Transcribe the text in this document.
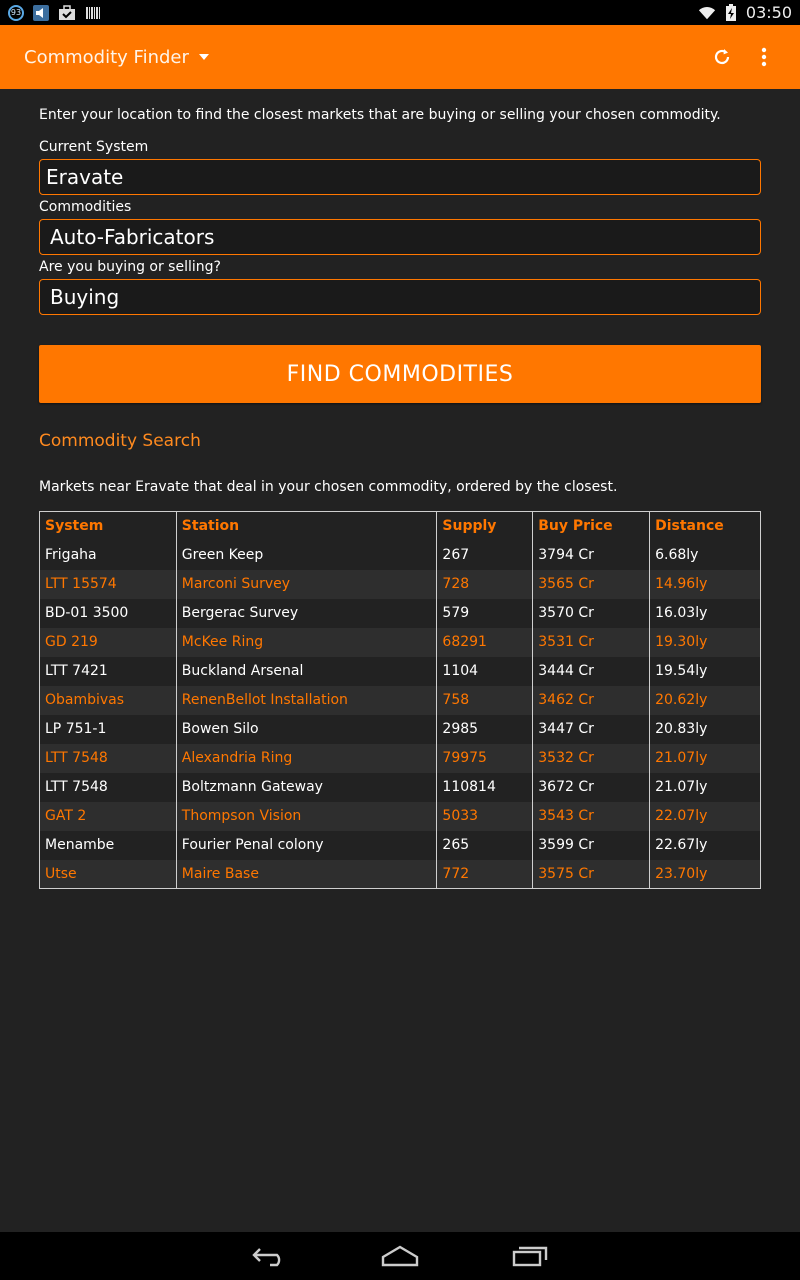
93	03:50
Commodity Finder
Enter your location to find the closest markets that are buying or selling your chosen commodity.
Current System
Eravate
Commodities
Auto-Fabricators
Are you buying or selling?
Buying
FIND COMMODITIES
Commodity Search
Markets near Eravate that deal in your chosen commodity, ordered by the closest.
System	Station	Supply	Buy Price	Distance
Frigaha	Green Keep	267	3794 Cr	6.68ly
LTT 15574	Marconi Survey	728	3565 Cr	14.96ly
BD-01 3500	Bergerac Survey	579	3570 Cr	16.03ly
GD 219	McKee Ring	68291	3531 Cr	19.30ly
LTT 7421	Buckland Arsenal	1104	3444 Cr	19.54ly
Obambivas	RenenBellot Installation	758	3462 Cr	20.62ly
LP 751-1	Bowen Silo	2985	3447 Cr	20.83ly
LTT 7548	Alexandria Ring	79975	3532 Cr	21.07ly
LTT 7548	Boltzmann Gateway	110814	3672 Cr	21.07ly
GAT 2	Thompson Vision	5033	3543 Cr	22.07ly
Menambe	Fourier Penal colony	265	3599 Cr	22.67ly
Utse	Maire Base	772	3575 Cr	23.70ly
